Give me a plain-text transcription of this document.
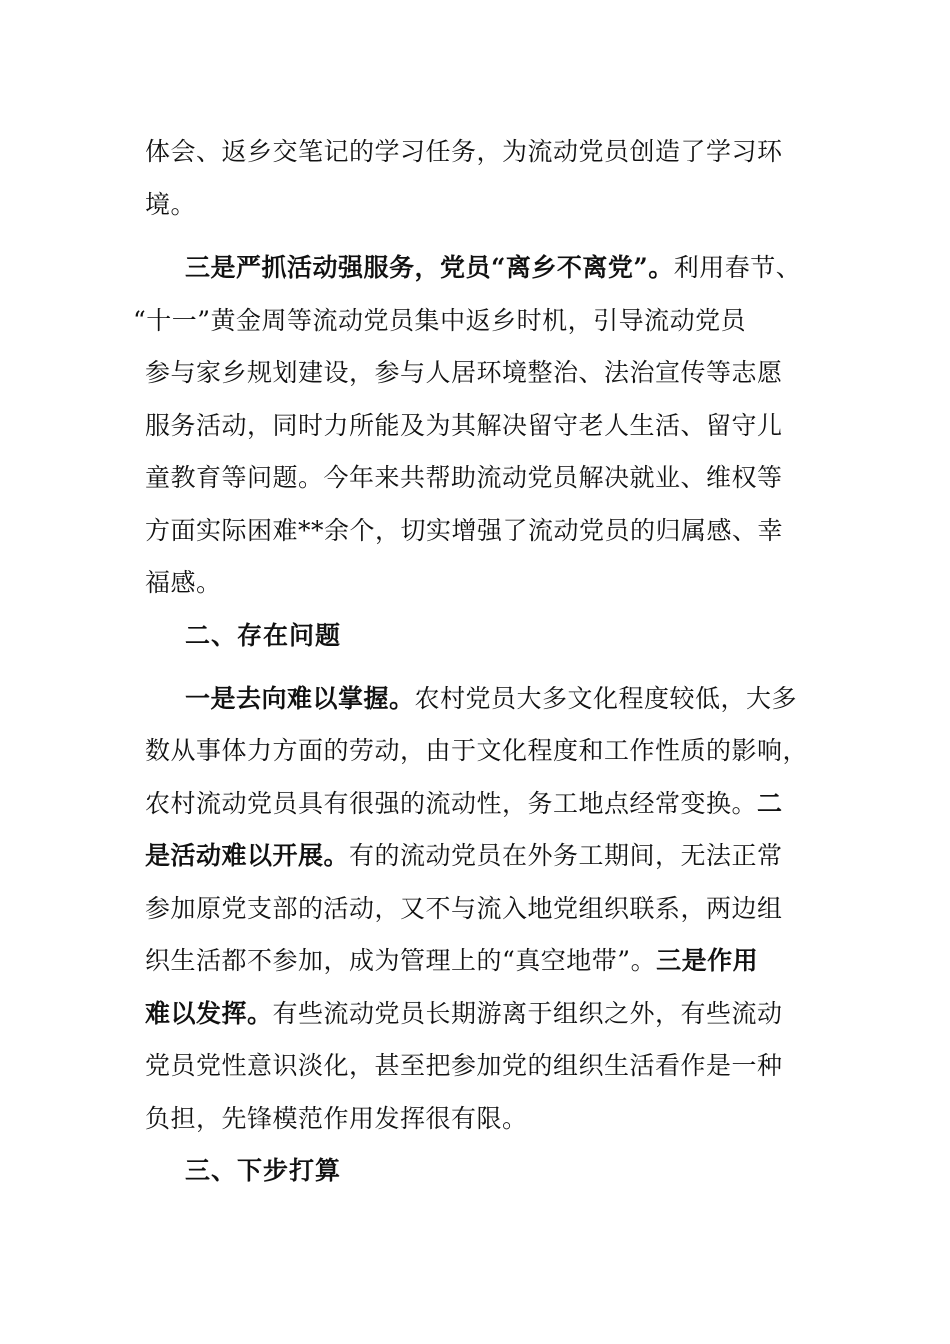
体会、返乡交笔记的学习任务，为流动党员创造了学习环
境。

三是严抓活动强服务，党员“离乡不离党”。利用春节、
“十一”黄金周等流动党员集中返乡时机，引导流动党员
参与家乡规划建设，参与人居环境整治、法治宣传等志愿
服务活动，同时力所能及为其解决留守老人生活、留守儿
童教育等问题。今年来共帮助流动党员解决就业、维权等
方面实际困难**余个，切实增强了流动党员的归属感、幸
福感。

二、存在问题

一是去向难以掌握。农村党员大多文化程度较低，大多
数从事体力方面的劳动，由于文化程度和工作性质的影响，
农村流动党员具有很强的流动性，务工地点经常变换。二
是活动难以开展。有的流动党员在外务工期间，无法正常
参加原党支部的活动，又不与流入地党组织联系，两边组
织生活都不参加，成为管理上的“真空地带”。三是作用
难以发挥。有些流动党员长期游离于组织之外，有些流动
党员党性意识淡化，甚至把参加党的组织生活看作是一种
负担，先锋模范作用发挥很有限。

三、下步打算
